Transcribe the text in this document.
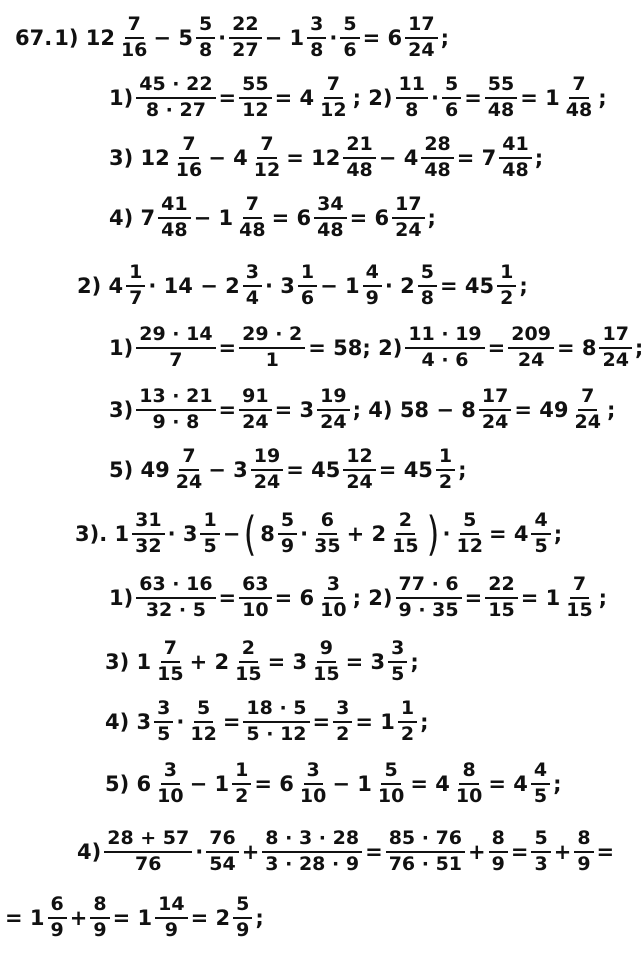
67. 1) $12 \frac{7}{16} - 5 \frac{5}{8} \cdot \frac{22}{27} - 1 \frac{3}{8} \cdot \frac{5}{6} = 6 \frac{17}{24}$ ;
$1) \frac{45 \cdot 22}{8 \cdot 27} = \frac{55}{12} = 4 \frac{7}{12}$ ; $2) \frac{11}{8} \cdot \frac{5}{6} = \frac{55}{48} = 1 \frac{7}{48}$ ;
3) $12 \frac{7}{16} - 4 \frac{7}{12} = 12 \frac{21}{48} - 4 \frac{28}{48} = 7 \frac{41}{48}$ ;
4) $7 \frac{41}{48} - 1 \frac{7}{48} = 6 \frac{34}{48} = 6 \frac{17}{24}$ ;
2) $4 \frac{1}{7} \cdot 14 - 2 \frac{3}{4} \cdot 3 \frac{1}{6} - 1 \frac{4}{9} \cdot 2 \frac{5}{8} = 45 \frac{1}{2}$ ;
$1) \frac{29 \cdot 14}{7} = \frac{29 \cdot 2}{1} = 58$; $2) \frac{11 \cdot 19}{4 \cdot 6} = \frac{209}{24} = 8 \frac{17}{24}$ ;
$3) \frac{13 \cdot 21}{9 \cdot 8} = \frac{91}{24} = 3 \frac{19}{24}$ ; 4) $58 - 8 \frac{17}{24} = 49 \frac{7}{24}$ ;
5) $49 \frac{7}{24} - 3 \frac{19}{24} = 45 \frac{12}{24} = 45 \frac{1}{2}$ ;
3). $1 \frac{31}{32} \cdot 3 \frac{1}{5}$ − ( $8 \frac{5}{9} \cdot \frac{6}{35} + 2 \frac{2}{15}$ ) · $\frac{5}{12} = 4 \frac{4}{5}$ ;
$1) \frac{63 \cdot 16}{32 \cdot 5} = \frac{63}{10} = 6 \frac{3}{10}$ ; $2) \frac{77 \cdot 6}{9 \cdot 35} = \frac{22}{15} = 1 \frac{7}{15}$ ;
3) $1 \frac{7}{15} + 2 \frac{2}{15} = 3 \frac{9}{15} = 3 \frac{3}{5}$ ;
4) $3 \frac{3}{5} \cdot \frac{5}{12} = \frac{18 \cdot 5}{5 \cdot 12} = \frac{3}{2} = 1 \frac{1}{2}$ ;
5) $6 \frac{3}{10} - 1 \frac{1}{2} = 6 \frac{3}{10} - 1 \frac{5}{10} = 4 \frac{8}{10} = 4 \frac{4}{5}$ ;
$4) \frac{28 + 57}{76} \cdot \frac{76}{54} + \frac{8 \cdot 3 \cdot 28}{3 \cdot 28 \cdot 9} = \frac{85 \cdot 76}{76 \cdot 51} + \frac{8}{9} = \frac{5}{3} + \frac{8}{9}$ =
= $1 \frac{6}{9} + \frac{8}{9} = 1 \frac{14}{9} = 2 \frac{5}{9}$ ;
